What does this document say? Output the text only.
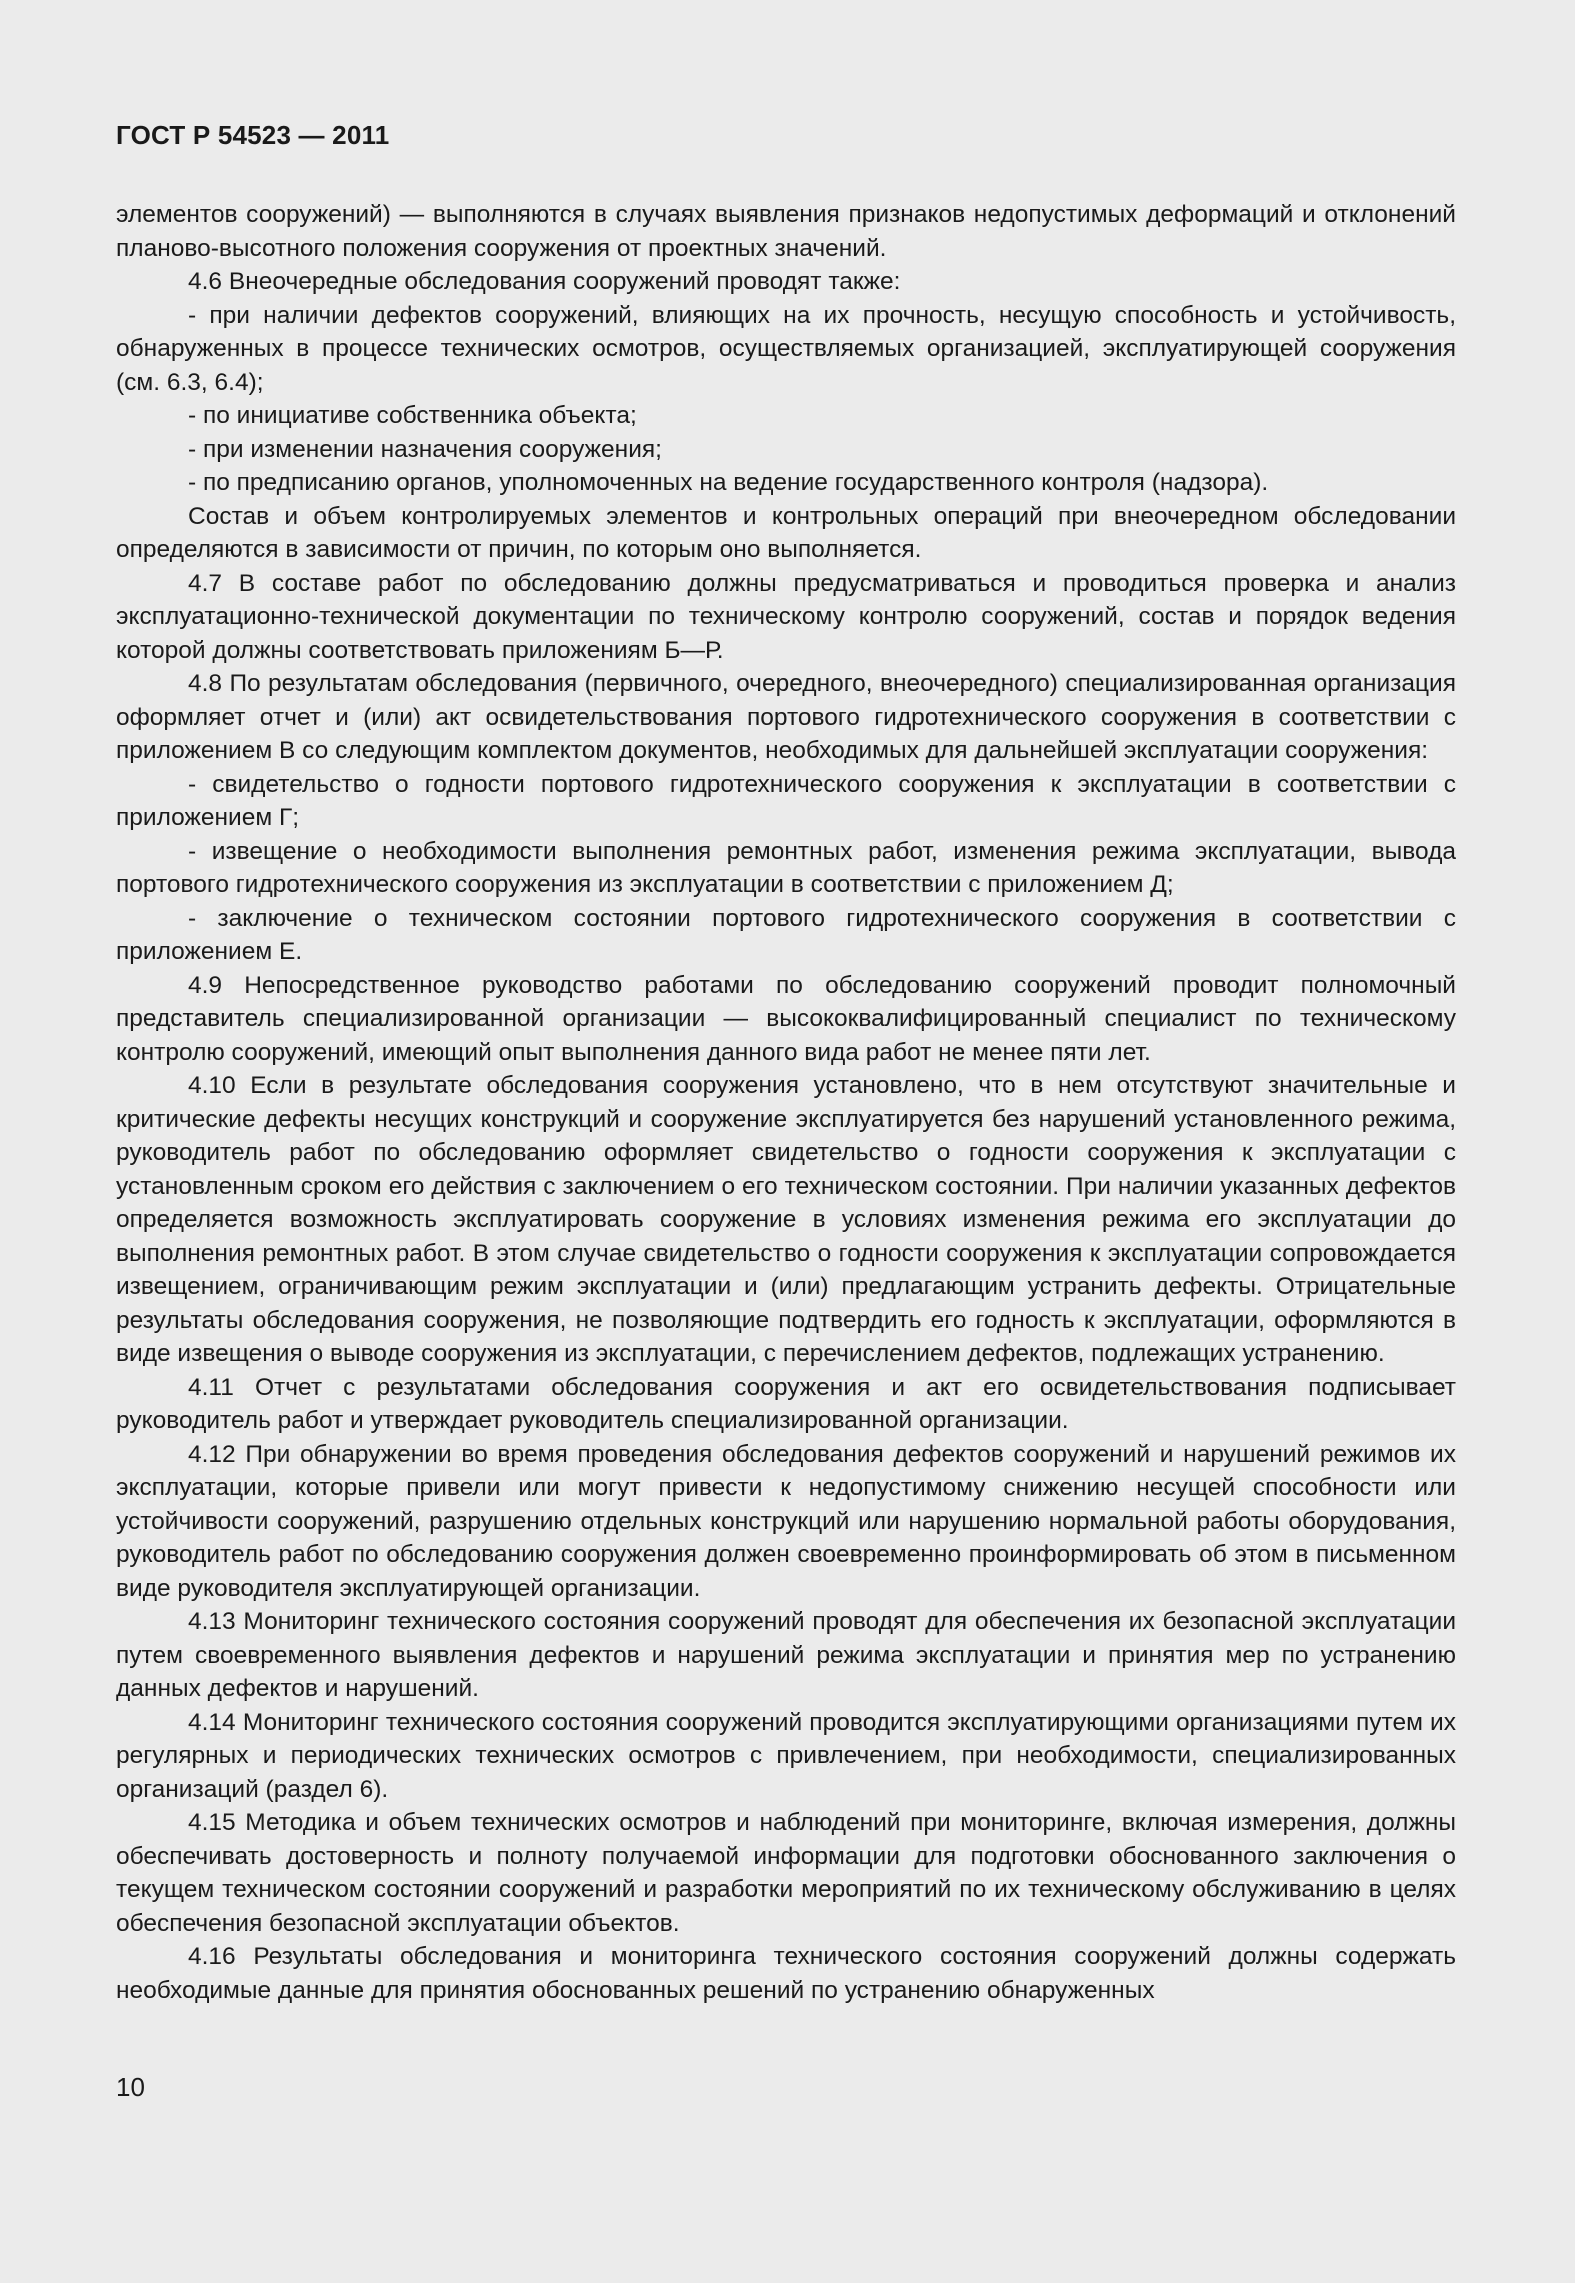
ГОСТ Р 54523 — 2011

элементов сооружений) — выполняются в случаях выявления признаков недопустимых деформаций и отклонений планово-высотного положения сооружения от проектных значений.

4.6 Внеочередные обследования сооружений проводят также:

- при наличии дефектов сооружений, влияющих на их прочность, несущую способность и устойчивость, обнаруженных в процессе технических осмотров, осуществляемых организацией, эксплуатирующей сооружения (см. 6.3, 6.4);

- по инициативе собственника объекта;

- при изменении назначения сооружения;

- по предписанию органов, уполномоченных на ведение государственного контроля (надзора).

Состав и объем контролируемых элементов и контрольных операций при внеочередном обследовании определяются в зависимости от причин, по которым оно выполняется.

4.7 В составе работ по обследованию должны предусматриваться и проводиться проверка и анализ эксплуатационно-технической документации по техническому контролю сооружений, состав и порядок ведения которой должны соответствовать приложениям Б—Р.

4.8 По результатам обследования (первичного, очередного, внеочередного) специализированная организация оформляет отчет и (или) акт освидетельствования портового гидротехнического сооружения в соответствии с приложением В со следующим комплектом документов, необходимых для дальнейшей эксплуатации сооружения:

- свидетельство о годности портового гидротехнического сооружения к эксплуатации в соответствии с приложением Г;

- извещение о необходимости выполнения ремонтных работ, изменения режима эксплуатации, вывода портового гидротехнического сооружения из эксплуатации в соответствии с приложением Д;

- заключение о техническом состоянии портового гидротехнического сооружения в соответствии с приложением Е.

4.9 Непосредственное руководство работами по обследованию сооружений проводит полномочный представитель специализированной организации — высококвалифицированный специалист по техническому контролю сооружений, имеющий опыт выполнения данного вида работ не менее пяти лет.

4.10 Если в результате обследования сооружения установлено, что в нем отсутствуют значительные и критические дефекты несущих конструкций и сооружение эксплуатируется без нарушений установленного режима, руководитель работ по обследованию оформляет свидетельство о годности сооружения к эксплуатации с установленным сроком его действия с заключением о его техническом состоянии. При наличии указанных дефектов определяется возможность эксплуатировать сооружение в условиях изменения режима его эксплуатации до выполнения ремонтных работ. В этом случае свидетельство о годности сооружения к эксплуатации сопровождается извещением, ограничивающим режим эксплуатации и (или) предлагающим устранить дефекты. Отрицательные результаты обследования сооружения, не позволяющие подтвердить его годность к эксплуатации, оформляются в виде извещения о выводе сооружения из эксплуатации, с перечислением дефектов, подлежащих устранению.

4.11 Отчет с результатами обследования сооружения и акт его освидетельствования подписывает руководитель работ и утверждает руководитель специализированной организации.

4.12 При обнаружении во время проведения обследования дефектов сооружений и нарушений режимов их эксплуатации, которые привели или могут привести к недопустимому снижению несущей способности или устойчивости сооружений, разрушению отдельных конструкций или нарушению нормальной работы оборудования, руководитель работ по обследованию сооружения должен своевременно проинформировать об этом в письменном виде руководителя эксплуатирующей организации.

4.13 Мониторинг технического состояния сооружений проводят для обеспечения их безопасной эксплуатации путем своевременного выявления дефектов и нарушений режима эксплуатации и принятия мер по устранению данных дефектов и нарушений.

4.14 Мониторинг технического состояния сооружений проводится эксплуатирующими организациями путем их регулярных и периодических технических осмотров с привлечением, при необходимости, специализированных организаций (раздел 6).

4.15 Методика и объем технических осмотров и наблюдений при мониторинге, включая измерения, должны обеспечивать достоверность и полноту получаемой информации для подготовки обоснованного заключения о текущем техническом состоянии сооружений и разработки мероприятий по их техническому обслуживанию в целях обеспечения безопасной эксплуатации объектов.

4.16 Результаты обследования и мониторинга технического состояния сооружений должны содержать необходимые данные для принятия обоснованных решений по устранению обнаруженных

10
